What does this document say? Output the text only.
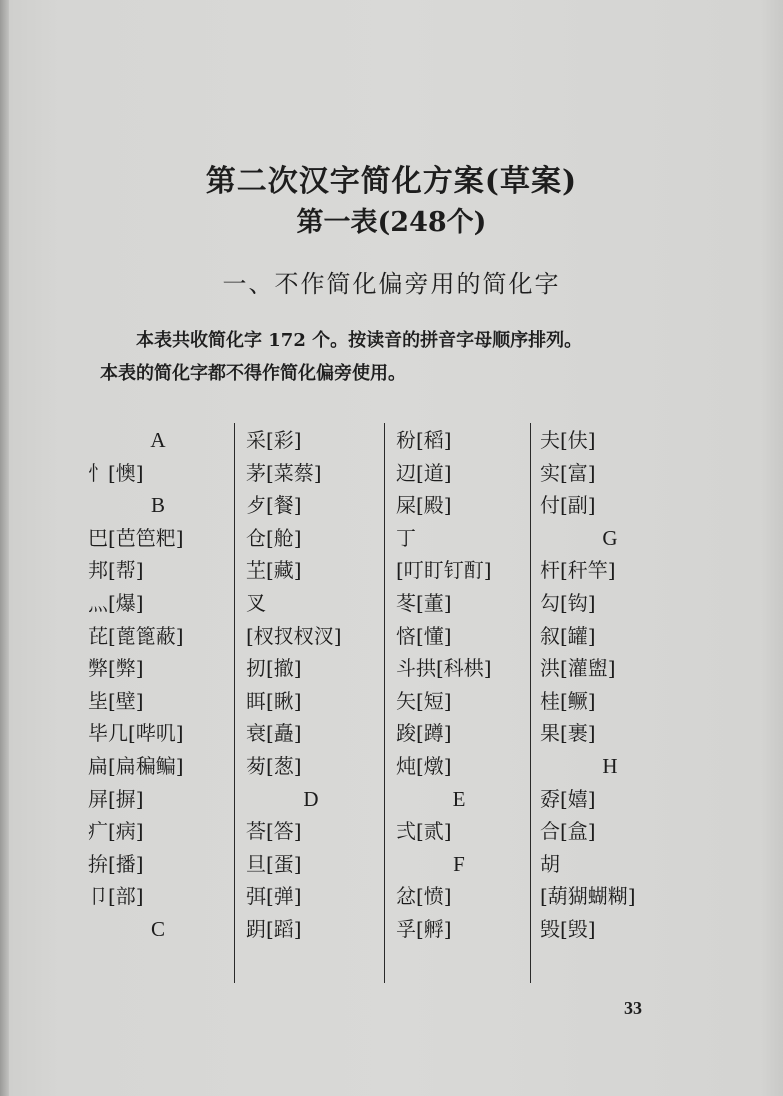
第二次汉字简化方案(草案)
第一表(248个)
一、不作简化偏旁用的简化字

本表共收简化字 172 个。按读音的拼音字母顺序排列。

本表的简化字都不得作简化偏旁使用。

A
忄[懊]
B
巴[芭笆粑]
邦[帮]
灬[爆]
芘[蓖篦蔽]
弊[弊]
坒[壁]
毕几[哔叽]
扁[扁稨鳊]
屏[摒]
疒[病]
拚[播]
卩[部]
C
采[彩]
茅[菜蔡]
歺[餐]
仓[舱]
芏[藏]
叉
[杈扠杈汊]
扨[撤]
眲[瞅]
衰[矗]
茐[葱]
D
荅[答]
旦[蛋]
弭[弹]
跀[蹈]
秎[稻]
辺[道]
屎[殿]
丁
[叮盯钉酊]
苳[董]
悋[懂]
斗拱[科栱]
矢[短]
踆[蹲]
炖[燉]
E
弍[贰]
F
忿[愤]
孚[孵]
夫[伕]
实[富]
付[副]
G
杆[秆竿]
勾[钩]
叙[罐]
洪[灌盥]
桂[鳜]
果[裹]
H
孬[嬉]
合[盒]
胡
[葫猢蝴糊]
毁[毁]
33
